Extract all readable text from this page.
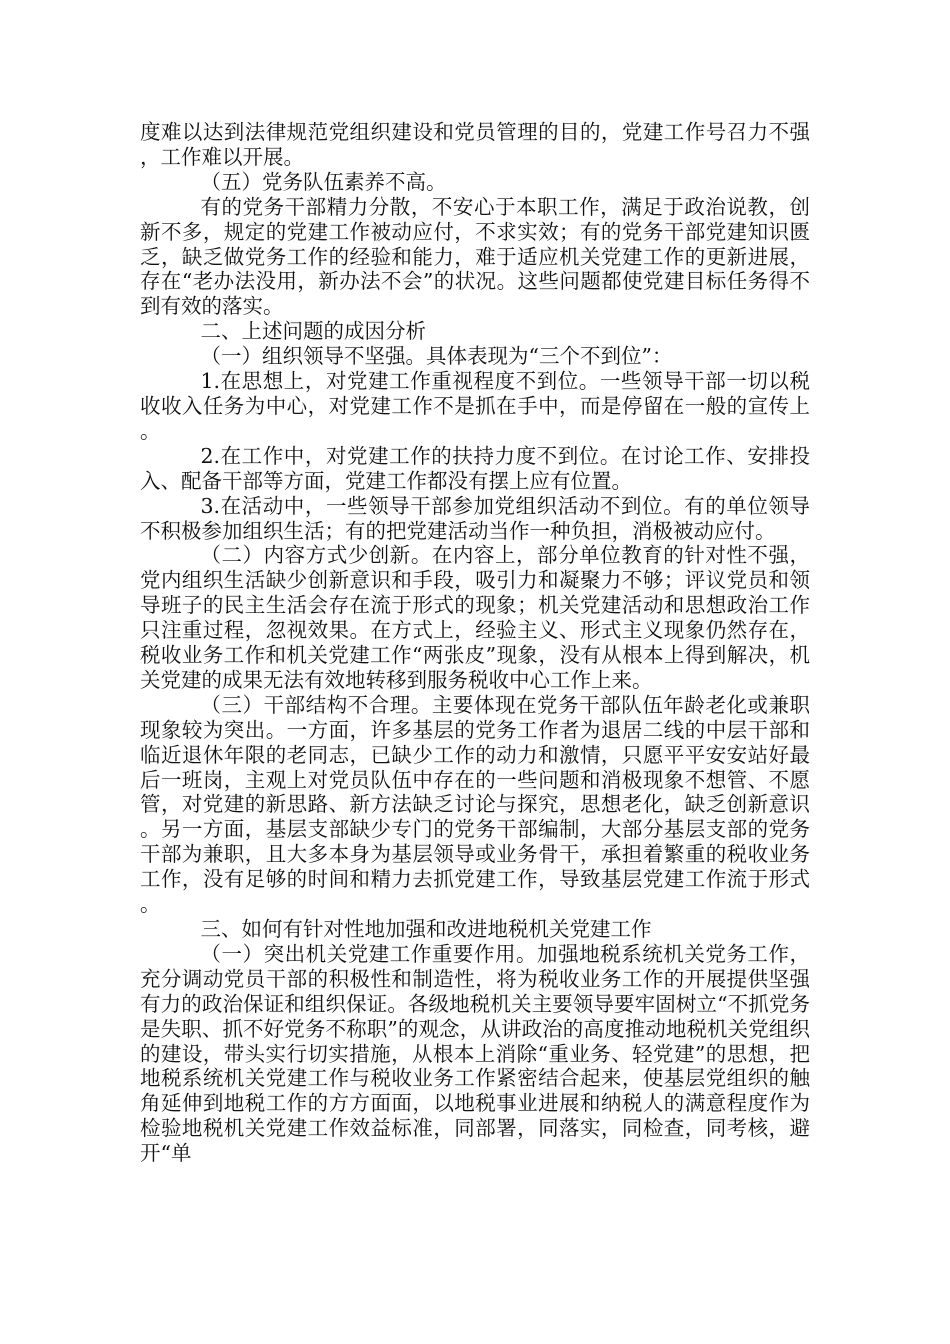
度难以达到法律规范党组织建设和党员管理的目的，党建工作号召力不强，工作难以开展。

（五）党务队伍素养不高。

有的党务干部精力分散，不安心于本职工作，满足于政治说教，创新不多，规定的党建工作被动应付，不求实效；有的党务干部党建知识匮乏，缺乏做党务工作的经验和能力，难于适应机关党建工作的更新进展，存在“老办法没用，新办法不会”的状况。这些问题都使党建目标任务得不到有效的落实。

二、上述问题的成因分析

（一）组织领导不坚强。具体表现为“三个不到位”：

1.在思想上，对党建工作重视程度不到位。一些领导干部一切以税收收入任务为中心，对党建工作不是抓在手中，而是停留在一般的宣传上。

2.在工作中，对党建工作的扶持力度不到位。在讨论工作、安排投入、配备干部等方面，党建工作都没有摆上应有位置。

3.在活动中，一些领导干部参加党组织活动不到位。有的单位领导不积极参加组织生活；有的把党建活动当作一种负担，消极被动应付。

（二）内容方式少创新。在内容上，部分单位教育的针对性不强，党内组织生活缺少创新意识和手段，吸引力和凝聚力不够；评议党员和领导班子的民主生活会存在流于形式的现象；机关党建活动和思想政治工作只注重过程，忽视效果。在方式上，经验主义、形式主义现象仍然存在，税收业务工作和机关党建工作“两张皮”现象，没有从根本上得到解决，机关党建的成果无法有效地转移到服务税收中心工作上来。

（三）干部结构不合理。主要体现在党务干部队伍年龄老化或兼职现象较为突出。一方面，许多基层的党务工作者为退居二线的中层干部和临近退休年限的老同志，已缺少工作的动力和激情，只愿平平安安站好最后一班岗，主观上对党员队伍中存在的一些问题和消极现象不想管、不愿管，对党建的新思路、新方法缺乏讨论与探究，思想老化，缺乏创新意识。另一方面，基层支部缺少专门的党务干部编制，大部分基层支部的党务干部为兼职，且大多本身为基层领导或业务骨干，承担着繁重的税收业务工作，没有足够的时间和精力去抓党建工作，导致基层党建工作流于形式。

三、如何有针对性地加强和改进地税机关党建工作

（一）突出机关党建工作重要作用。加强地税系统机关党务工作，充分调动党员干部的积极性和制造性，将为税收业务工作的开展提供坚强有力的政治保证和组织保证。各级地税机关主要领导要牢固树立“不抓党务是失职、抓不好党务不称职”的观念，从讲政治的高度推动地税机关党组织的建设，带头实行切实措施，从根本上消除“重业务、轻党建”的思想，把地税系统机关党建工作与税收业务工作紧密结合起来，使基层党组织的触角延伸到地税工作的方方面面，以地税事业进展和纳税人的满意程度作为检验地税机关党建工作效益标准，同部署，同落实，同检查，同考核，避开“单
